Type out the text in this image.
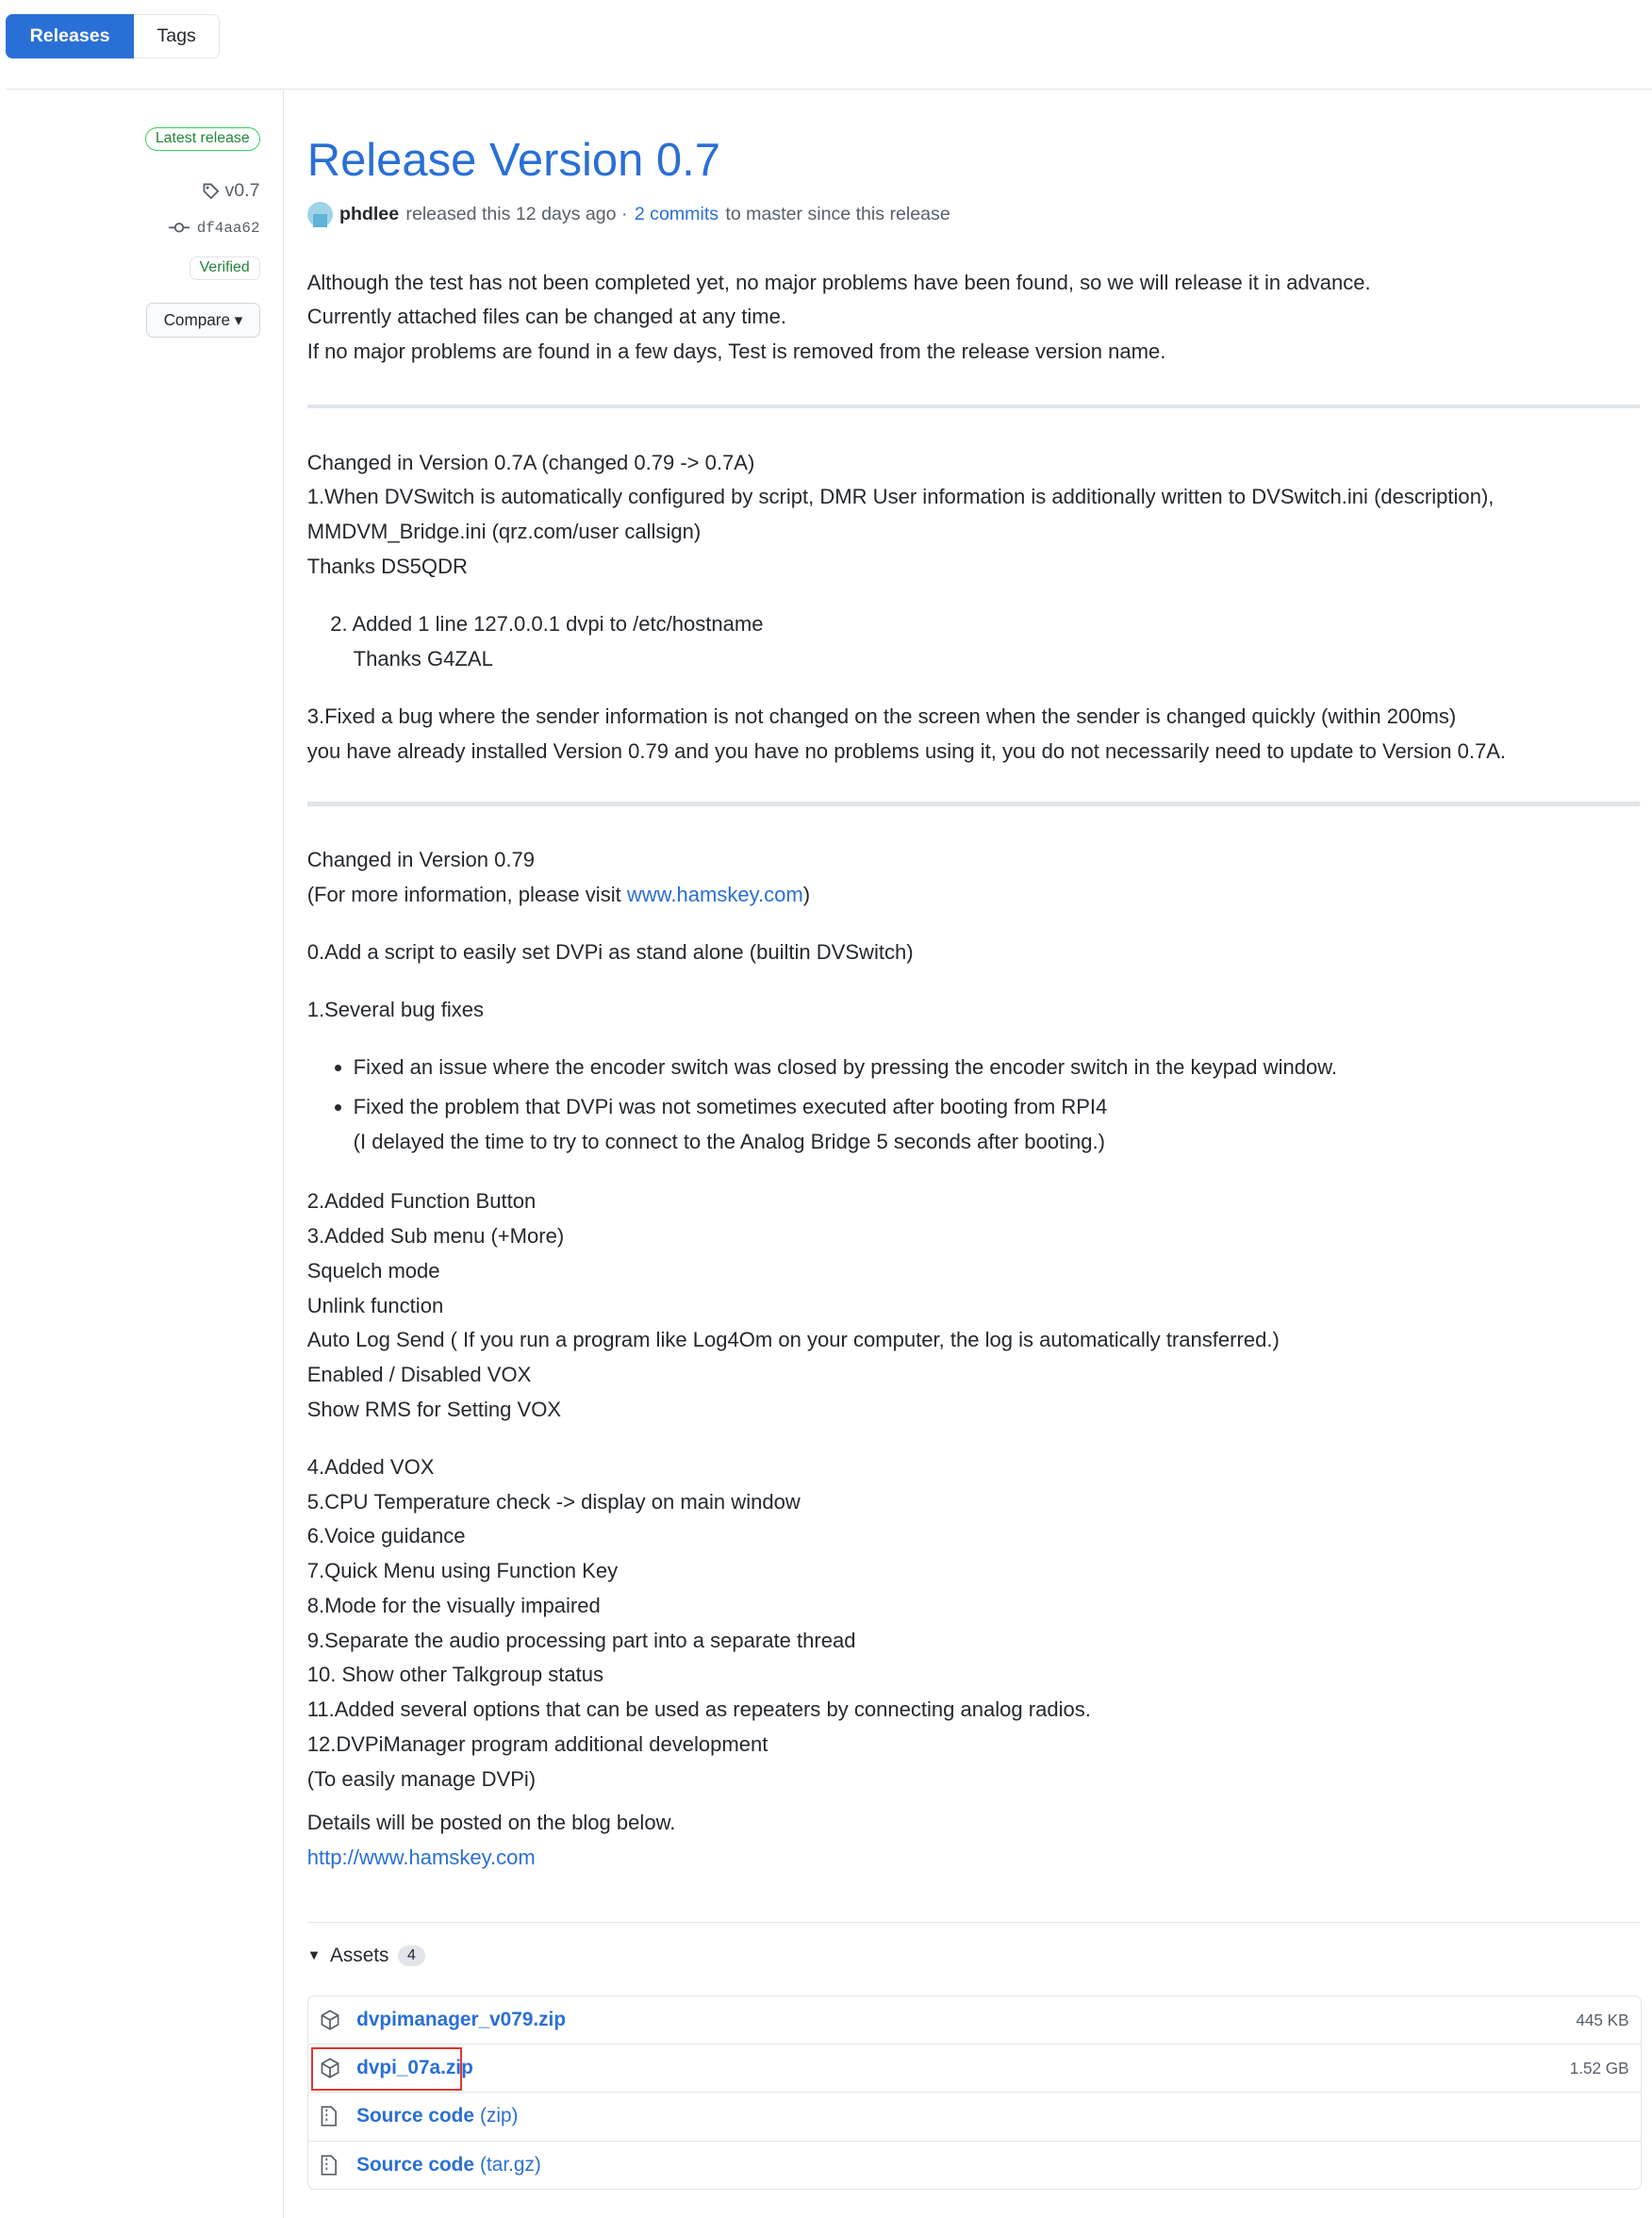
Releases	Tags
Latest release
v0.7
df4aa62
Verified
Compare ▾
Release Version 0.7
phdlee released this 12 days ago · 2 commits to master since this release
Although the test has not been completed yet, no major problems have been found, so we will release it in advance.
Currently attached files can be changed at any time.
If no major problems are found in a few days, Test is removed from the release version name.
Changed in Version 0.7A (changed 0.79 -> 0.7A)
1.When DVSwitch is automatically configured by script, DMR User information is additionally written to DVSwitch.ini (description),
MMDVM_Bridge.ini (qrz.com/user callsign)
Thanks DS5QDR
2. Added 1 line 127.0.0.1 dvpi to /etc/hostname
Thanks G4ZAL
3.Fixed a bug where the sender information is not changed on the screen when the sender is changed quickly (within 200ms)
you have already installed Version 0.79 and you have no problems using it, you do not necessarily need to update to Version 0.7A.
Changed in Version 0.79
(For more information, please visit www.hamskey.com)
0.Add a script to easily set DVPi as stand alone (builtin DVSwitch)
1.Several bug fixes
• Fixed an issue where the encoder switch was closed by pressing the encoder switch in the keypad window.
• Fixed the problem that DVPi was not sometimes executed after booting from RPI4
(I delayed the time to try to connect to the Analog Bridge 5 seconds after booting.)
2.Added Function Button
3.Added Sub menu (+More)
Squelch mode
Unlink function
Auto Log Send ( If you run a program like Log4Om on your computer, the log is automatically transferred.)
Enabled / Disabled VOX
Show RMS for Setting VOX
4.Added VOX
5.CPU Temperature check -> display on main window
6.Voice guidance
7.Quick Menu using Function Key
8.Mode for the visually impaired
9.Separate the audio processing part into a separate thread
10. Show other Talkgroup status
11.Added several options that can be used as repeaters by connecting analog radios.
12.DVPiManager program additional development
(To easily manage DVPi)
Details will be posted on the blog below.
http://www.hamskey.com
▼ Assets	4
dvpimanager_v079.zip	445 KB
dvpi_07a.zip	1.52 GB
Source code (zip)
Source code (tar.gz)
